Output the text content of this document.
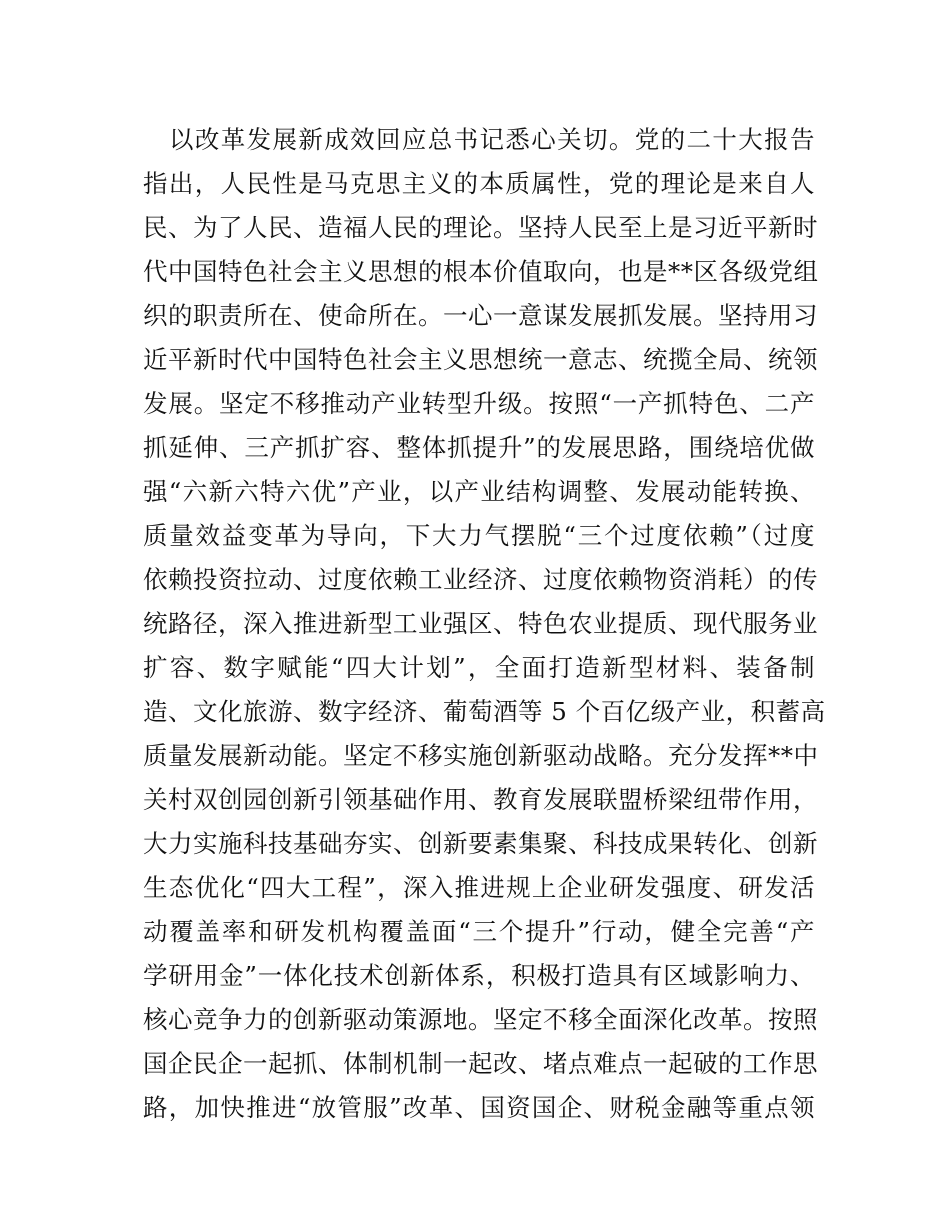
以改革发展新成效回应总书记悉心关切。党的二十大报告
指出，人民性是马克思主义的本质属性，党的理论是来自人
民、为了人民、造福人民的理论。坚持人民至上是习近平新时
代中国特色社会主义思想的根本价值取向，也是**区各级党组
织的职责所在、使命所在。一心一意谋发展抓发展。坚持用习
近平新时代中国特色社会主义思想统一意志、统揽全局、统领
发展。坚定不移推动产业转型升级。按照“一产抓特色、二产
抓延伸、三产抓扩容、整体抓提升”的发展思路，围绕培优做
强“六新六特六优”产业，以产业结构调整、发展动能转换、
质量效益变革为导向，下大力气摆脱“三个过度依赖”（过度
依赖投资拉动、过度依赖工业经济、过度依赖物资消耗）的传
统路径，深入推进新型工业强区、特色农业提质、现代服务业
扩容、数字赋能“四大计划”，全面打造新型材料、装备制
造、文化旅游、数字经济、葡萄酒等 5 个百亿级产业，积蓄高
质量发展新动能。坚定不移实施创新驱动战略。充分发挥**中
关村双创园创新引领基础作用、教育发展联盟桥梁纽带作用，
大力实施科技基础夯实、创新要素集聚、科技成果转化、创新
生态优化“四大工程”，深入推进规上企业研发强度、研发活
动覆盖率和研发机构覆盖面“三个提升”行动，健全完善“产
学研用金”一体化技术创新体系，积极打造具有区域影响力、
核心竞争力的创新驱动策源地。坚定不移全面深化改革。按照
国企民企一起抓、体制机制一起改、堵点难点一起破的工作思
路，加快推进“放管服”改革、国资国企、财税金融等重点领
